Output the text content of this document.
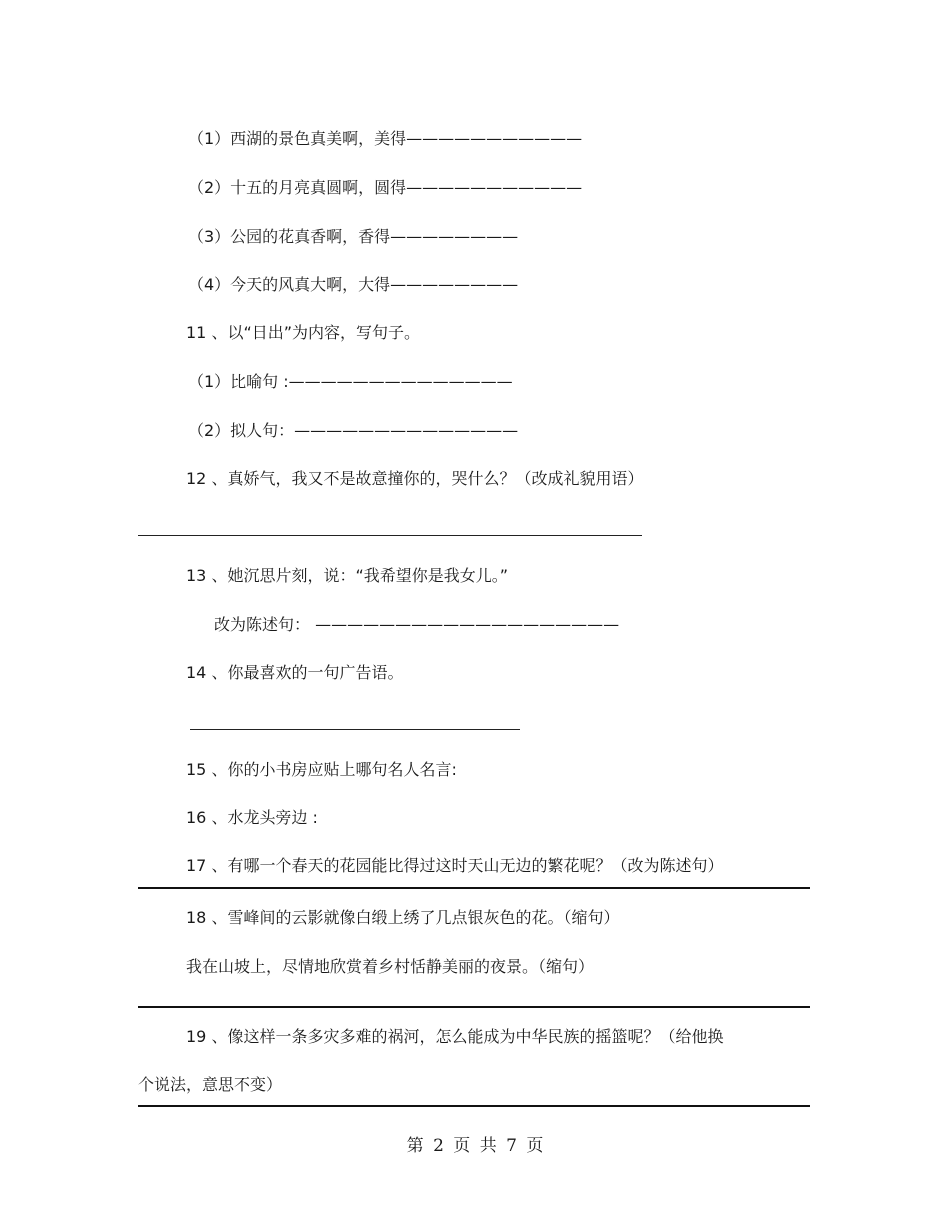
（1）西湖的景色真美啊，美得———————————
（2）十五的月亮真圆啊，圆得———————————
（3）公园的花真香啊，香得————————
（4）今天的风真大啊，大得————————
11 、以“日出”为内容，写句子。
（1）比喻句 :——————————————
（2）拟人句：——————————————
12 、真娇气，我又不是故意撞你的，哭什么？（改成礼貌用语）
13 、她沉思片刻，说：“我希望你是我女儿。”
改为陈述句： ———————————————————
14 、你最喜欢的一句广告语。
15 、你的小书房应贴上哪句名人名言:
16 、水龙头旁边 :
17 、有哪一个春天的花园能比得过这时天山无边的繁花呢？（改为陈述句）
18 、雪峰间的云影就像白缎上绣了几点银灰色的花。（缩句）
我在山坡上，尽情地欣赏着乡村恬静美丽的夜景。（缩句）
19 、像这样一条多灾多难的祸河，怎么能成为中华民族的摇篮呢？（给他换
个说法，意思不变）
第 2 页 共 7 页
